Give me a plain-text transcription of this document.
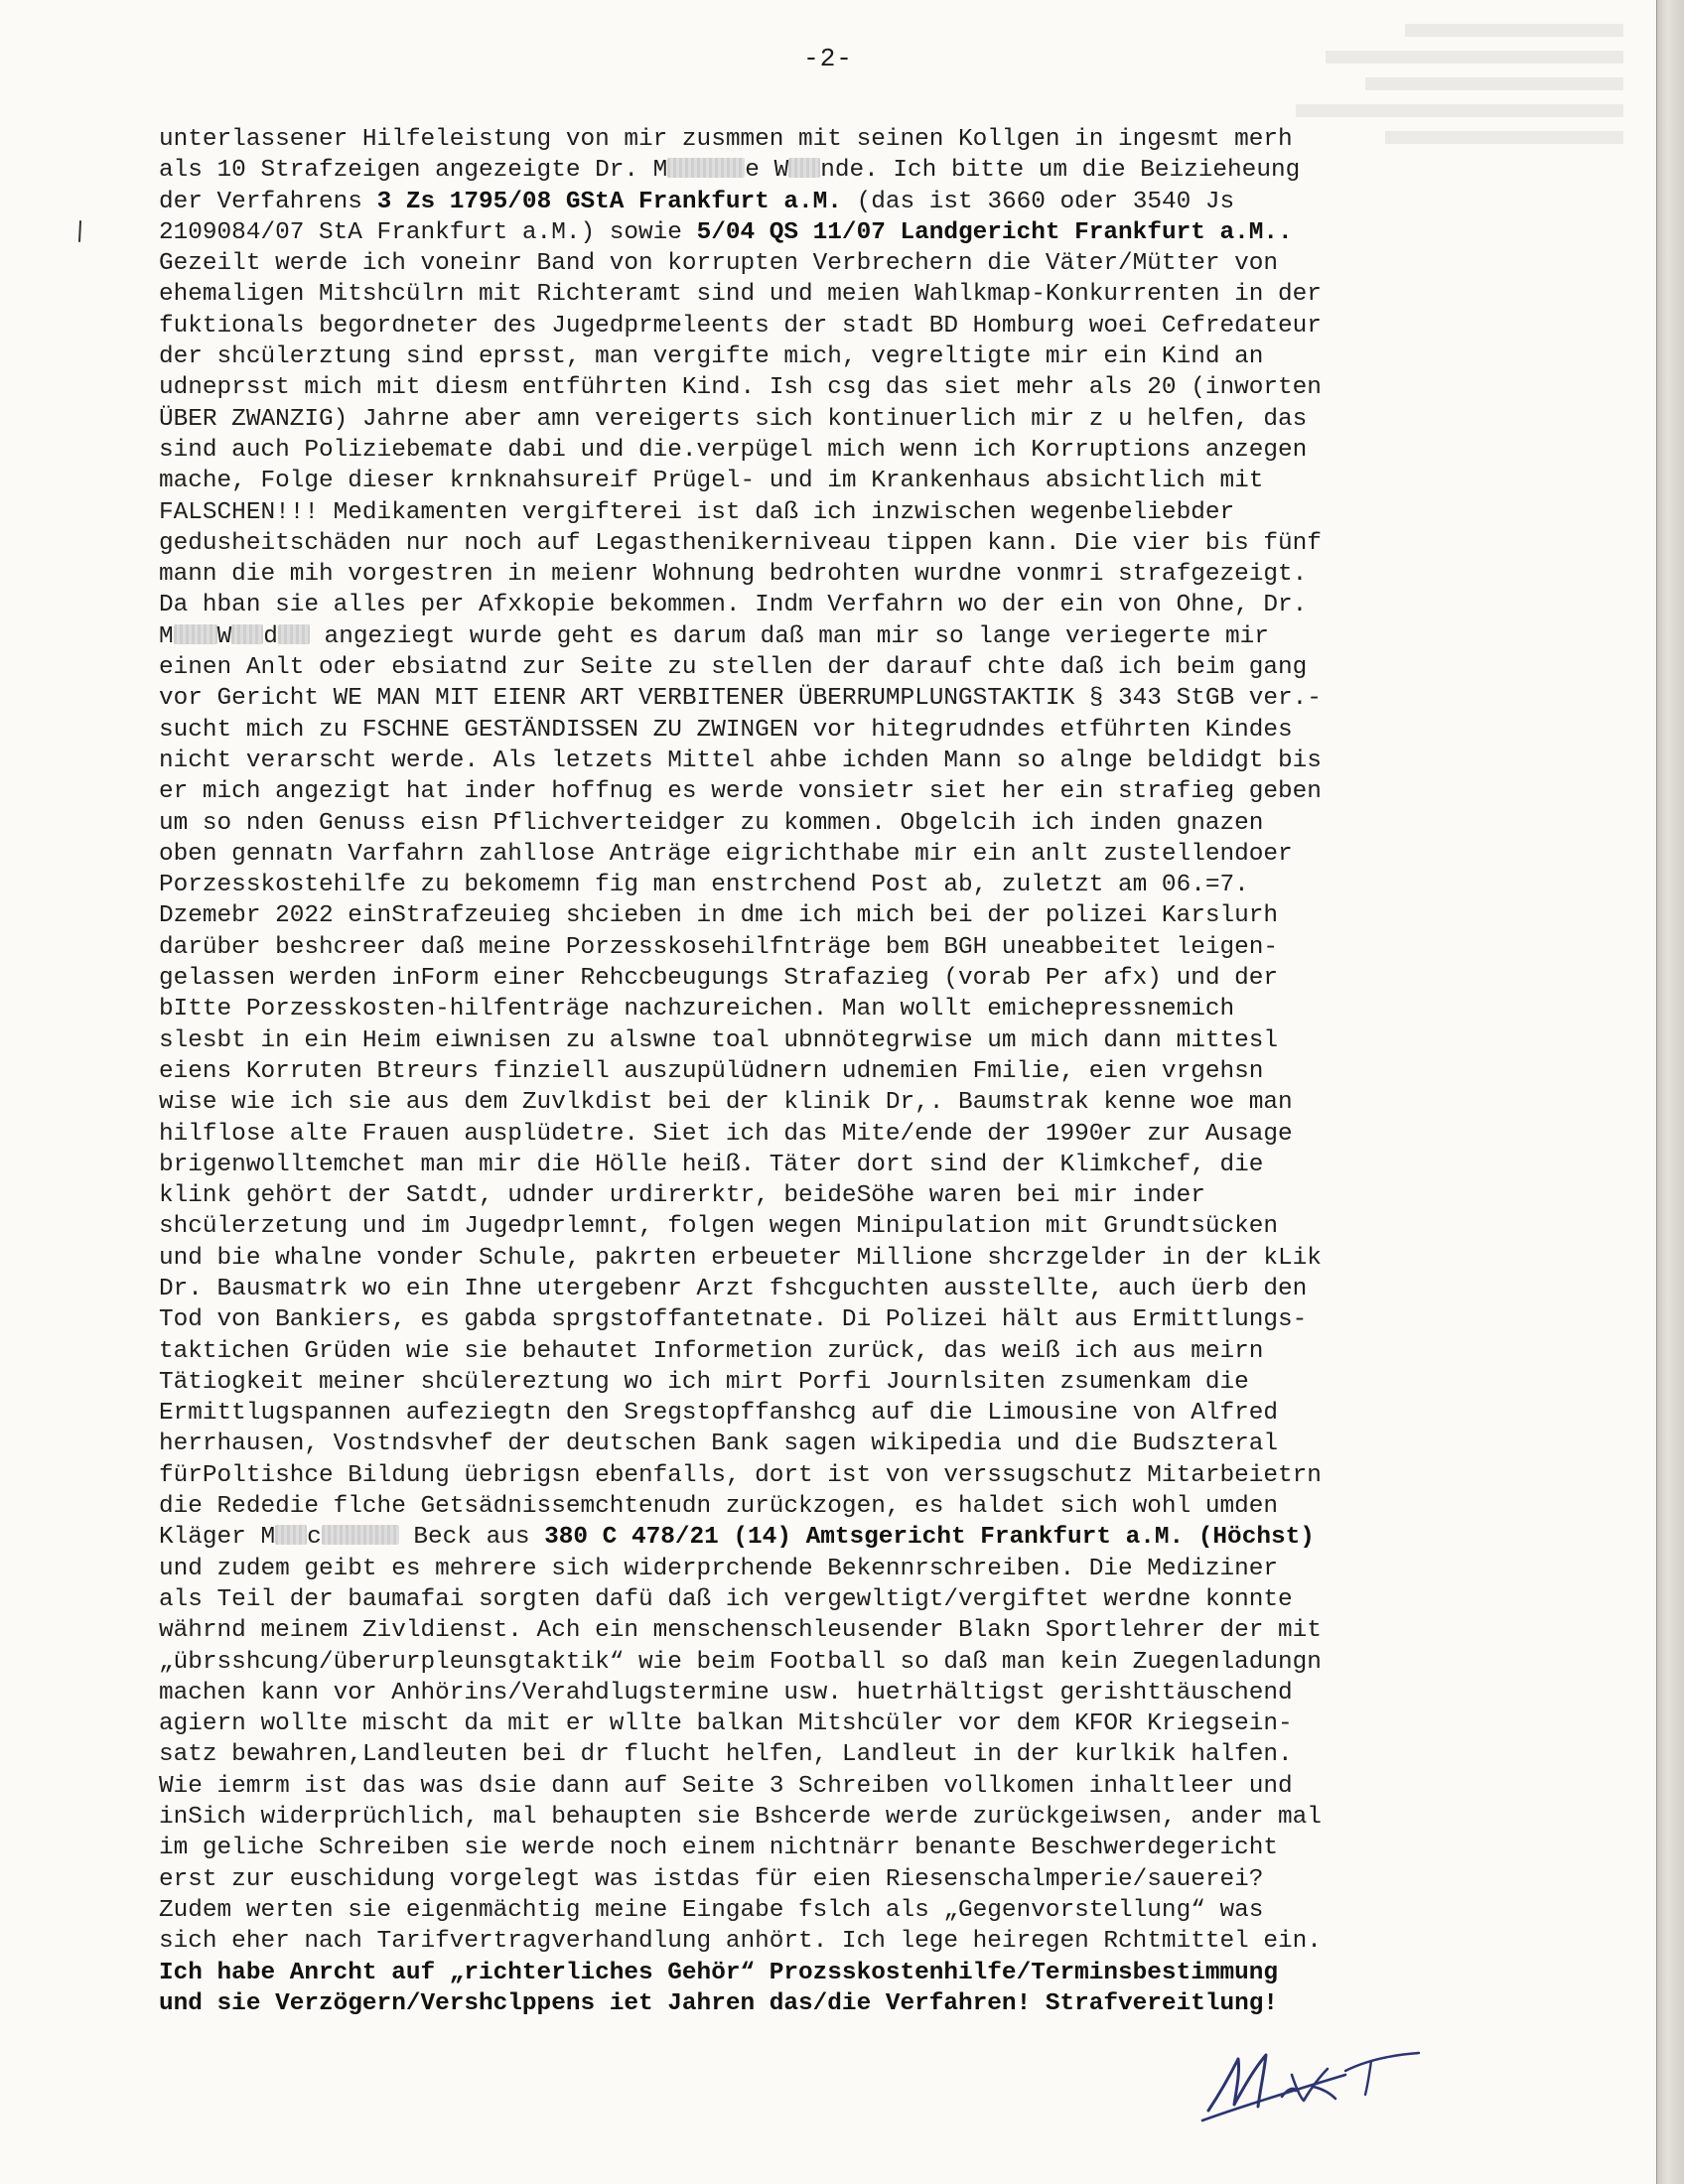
-2-
unterlassener Hilfeleistung von mir zusmmen mit seinen Kollgen in ingesmt merh
als 10 Strafzeigen angezeigte Dr. M	e W nde. Ich bitte um die Beizieheung
der Verfahrens 3 Zs 1795/08 GStA Frankfurt a.M. (das ist 3660 oder 3540 Js
2109084/07 StA Frankfurt a.M.) sowie 5/04 QS 11/07 Landgericht Frankfurt a.M..
Gezeilt werde ich voneinr Band von korrupten Verbrechern die Väter/Mütter von
ehemaligen Mitshcülrn mit Richteramt sind und meien Wahlkmap-Konkurrenten in der
fuktionals begordneter des Jugedprmeleents der stadt BD Homburg woei Cefredateur
der shcülerztung sind eprsst, man vergifte mich, vegreltigte mir ein Kind an
udneprsst mich mit diesm entführten Kind. Ish csg das siet mehr als 20 (inworten
ÜBER ZWANZIG) Jahrne aber amn vereigerts sich kontinuerlich mir z u helfen, das
sind auch Poliziebemate dabi und die.verpügel mich wenn ich Korruptions anzegen
mache, Folge dieser krnknahsureif Prügel- und im Krankenhaus absichtlich mit
FALSCHEN!!! Medikamenten vergifterei ist daß ich inzwischen wegenbeliebder
gedusheitschäden nur noch auf Legasthenikerniveau tippen kann. Die vier bis fünf
mann die mih vorgestren in meienr Wohnung bedrohten wurdne vonmri strafgezeigt.
Da hban sie alles per Afxkopie bekommen. Indm Verfahrn wo der ein von Ohne, Dr.
M W d angeziegt wurde geht es darum daß man mir so lange veriegerte mir
einen Anlt oder ebsiatnd zur Seite zu stellen der darauf chte daß ich beim gang
vor Gericht WE MAN MIT EIENR ART VERBITENER ÜBERRUMPLUNGSTAKTIK § 343 StGB ver.-
sucht mich zu FSCHNE GESTÄNDISSEN ZU ZWINGEN vor hitegrudndes etführten Kindes
nicht verarscht werde. Als letzets Mittel ahbe ichden Mann so alnge beldidgt bis
er mich angezigt hat inder hoffnug es werde vonsietr siet her ein strafieg geben
um so nden Genuss eisn Pflichverteidger zu kommen. Obgelcih ich inden gnazen
oben gennatn Varfahrn zahllose Anträge eigrichthabe mir ein anlt zustellendoer
Porzesskostehilfe zu bekomemn fig man enstrchend Post ab, zuletzt am 06.=7.
Dzemebr 2022 einStrafzeuieg shcieben in dme ich mich bei der polizei Karslurh
darüber beshcreer daß meine Porzesskosehilfnträge bem BGH uneabbeitet leigen-
gelassen werden inForm einer Rehccbeugungs Strafazieg (vorab Per afx) und der
bItte Porzesskosten-hilfenträge nachzureichen. Man wollt emichepressnemich
slesbt in ein Heim eiwnisen zu alswne toal ubnnötegrwise um mich dann mittesl
eiens Korruten Btreurs finziell auszupülüdnern udnemien Fmilie, eien vrgehsn
wise wie ich sie aus dem Zuvlkdist bei der klinik Dr,. Baumstrak kenne woe man
hilflose alte Frauen ausplüdetre. Siet ich das Mite/ende der 1990er zur Ausage
brigenwolltemchet man mir die Hölle heiß. Täter dort sind der Klimkchef, die
klink gehört der Satdt, udnder urdirerktr, beideSöhe waren bei mir inder
shcülerzetung und im Jugedprlemnt, folgen wegen Minipulation mit Grundtsücken
und bie whalne vonder Schule, pakrten erbeueter Millione shcrzgelder in der kLik
Dr. Bausmatrk wo ein Ihne utergebenr Arzt fshcguchten ausstellte, auch üerb den
Tod von Bankiers, es gabda sprgstoffantetnate. Di Polizei hält aus Ermittlungs-
taktichen Grüden wie sie behautet Informetion zurück, das weiß ich aus meirn
Tätiogkeit meiner shcülereztung wo ich mirt Porfi Journlsiten zsumenkam die
Ermittlugspannen aufeziegtn den Sregstopffanshcg auf die Limousine von Alfred
herrhausen, Vostndsvhef der deutschen Bank sagen wikipedia und die Budszteral
fürPoltishce Bildung üebrigsn ebenfalls, dort ist von verssugschutz Mitarbeietrn
die Rededie flche Getsädnissemchtenudn zurückzogen, es haldet sich wohl umden
Kläger M c	Beck aus 380 C 478/21 (14) Amtsgericht Frankfurt a.M. (Höchst)
und zudem geibt es mehrere sich widerprchende Bekennrschreiben. Die Mediziner
als Teil der baumafai sorgten dafü daß ich vergewltigt/vergiftet werdne konnte
währnd meinem Zivldienst. Ach ein menschenschleusender Blakn Sportlehrer der mit
„übrsshcung/überurpleunsgtaktik“ wie beim Football so daß man kein Zuegenladungn
machen kann vor Anhörins/Verahdlugstermine usw. huetrhältigst gerishttäuschend
agiern wollte mischt da mit er wllte balkan Mitshcüler vor dem KFOR Kriegsein-
satz bewahren,Landleuten bei dr flucht helfen, Landleut in der kurlkik halfen.
Wie iemrm ist das was dsie dann auf Seite 3 Schreiben vollkomen inhaltleer und
inSich widerprüchlich, mal behaupten sie Bshcerde werde zurückgeiwsen, ander mal
im geliche Schreiben sie werde noch einem nichtnärr benante Beschwerdegericht
erst zur euschidung vorgelegt was istdas für eien Riesenschalmperie/sauerei?
Zudem werten sie eigenmächtig meine Eingabe fslch als „Gegenvorstellung“ was
sich eher nach Tarifvertragverhandlung anhört. Ich lege heiregen Rchtmittel ein.
Ich habe Anrcht auf „richterliches Gehör“ Prozsskostenhilfe/Terminsbestimmung
und sie Verzögern/Vershclppens iet Jahren das/die Verfahren! Strafvereitlung!
